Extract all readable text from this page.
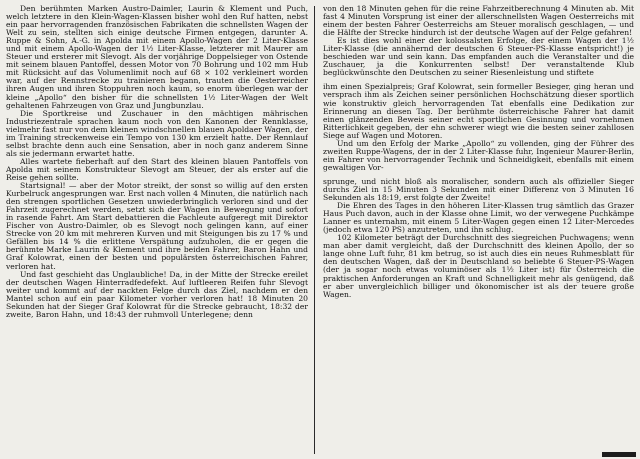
Den berühmten Marken Austro-Daimler, Laurin & Klement und Puch, welch letztere in den Klein-Wagen-Klassen bisher wohl den Ruf hatten, nebst ein paar hervorragenden französischen Fabrikaten die schnellsten Wagen der Welt zu sein, stellten sich einige deutsche Firmen entgegen, darunter A. Ruppe & Sohn, A.-G. in Apolda mit einem Apollo-Wagen der 2 Liter-Klasse und mit einem Apollo-Wagen der 1½ Liter-Klasse, letzterer mit Maurer am Steuer und ersterer mit Slevogt. Als der vorjährige Doppelsieger von Ostende mit seinem blauen Pantoffel, dessen Motor von 70 Bohrung und 102 mm Hub mit Rücksicht auf das Volumenlimit noch auf 68 × 102 verkleinert worden war, auf der Rennstrecke zu trainieren begann, trauten die Oesterreicher ihren Augen und ihren Stoppuhren noch kaum, so enorm überlegen war der kleine „Apollo“ den bisher für die schnellsten 1½ Liter-Wagen der Welt gehaltenen Fahrzeugen von Graz und Jungbunzlau.

Die Sportkreise und Zuschauer in den mächtigen mährischen Industriezentrale sprachen kaum noch von den Kanonen der Rennklasse, vielmehr fast nur von dem kleinen windschnellen blauen Apoldaer Wagen, der im Training streckenweise ein Tempo von 130 km erzielt hatte. Der Rennlauf selbst brachte denn auch eine Sensation, aber in noch ganz anderem Sinne als sie jedermann erwartet hatte.

Alles wartete fieberhaft auf den Start des kleinen blauen Pantoffels von Apolda mit seinem Konstrukteur Slevogt am Steuer, der als erster auf die Reise gehen sollte.

Startsignal! — aber der Motor streikt, der sonst so willig auf den ersten Kurbelruck angesprungen war. Erst nach vollen 4 Minuten, die natürlich nach den strengen sportlichen Gesetzen unwiederbringlich verloren sind und der Fahrzeit zugerechnet werden, setzt sich der Wagen in Bewegung und sofort in rasende Fahrt. Am Start debattieren die Fachleute aufgeregt mit Direktor Fischer von Austro-Daimler, ob es Slevogt noch gelingen kann, auf einer Strecke von 20 km mit mehreren Kurven und mit Steigungen bis zu 17 % und Gefällen bis 14 % die erlittene Verspätung aufzuholen, die er gegen die berühmte Marke Laurin & Klement und ihre beiden Fahrer, Baron Hahn und Graf Kolowrat, einen der besten und populärsten österreichischen Fahrer, verloren hat.

Und fast geschieht das Unglaubliche! Da, in der Mitte der Strecke ereilet der deutschen Wagen Hinterradfedefekt. Auf luftleeren Reifen fuhr Slevogt weiter und kommt auf der nackten Felge durch das Ziel, nachdem er den Mantel schon auf ein paar Kilometer vorher verloren hat! 18 Minuten 20 Sekunden hat der Sieger Graf Kolowrat für die Strecke gebraucht, 18:32 der zweite, Baron Hahn, und 18:43 der ruhmvoll Unterlegene; denn

von den 18 Minuten gehen für die reine Fahrzeitberechnung 4 Minuten ab. Mit fast 4 Minuten Vorsprung ist einer der allerschnellsten Wagen Oesterreichs mit einem der besten Fahrer Oesterreichs am Steuer moralisch geschlagen, — und die Hälfte der Strecke hindurch ist der deutsche Wagen auf der Felge gefahren!

Es ist dies wohl einer der kolossalsten Erfolge, der einem Wagen der 1½ Liter-Klasse (die annähernd der deutschen 6 Steuer-PS-Klasse entspricht!) je beschieden war und sein kann. Das empfanden auch die Veranstalter und die Zuschauer, ja die Konkurrenten selbst! Der veranstaltende Klub beglückwünschte den Deutschen zu seiner Riesenleistung und stiftete

ihm einen Spezialpreis; Graf Kolowrat, sein formeller Besieger, ging heran und versprach ihm als Zeichen seiner persönlichen Hochschätzung dieser sportlich wie konstruktiv gleich hervorragenden Tat ebenfalls eine Dedikation zur Erinnerung an diesen Tag. Der berühmte österreichische Fahrer hat damit einen glänzenden Beweis seiner echt sportlichen Gesinnung und vornehmen Ritterlichkeit gegeben, der ehn schwerer wiegt wie die besten seiner zahllosen Siege auf Wagen und Motoren.

Und um den Erfolg der Marke „Apollo“ zu vollenden, ging der Führer des zweiten Ruppe-Wagens, der in der 2 Liter-Klasse fuhr, Ingenieur Maurer-Berlin, ein Fahrer von hervorragender Technik und Schneidigkeit, ebenfalls mit einem gewaltigen Vor-

sprunge, und nicht bloß als moralischer, sondern auch als offizieller Sieger durchs Ziel in 15 Minuten 3 Sekunden mit einer Differenz von 3 Minuten 16 Sekunden als 18:19, erst folgte der Zweite!

Die Ehren des Tages in den höheren Liter-Klassen trug sämtlich das Grazer Haus Puch davon, auch in der Klasse ohne Limit, wo der verwegene Puchkämpe Lanner es unternahm, mit einem 5 Liter-Wagen gegen einen 12 Liter-Mercedes (jedoch etwa 120 PS) anzutreten, und ihn schlug.

102 Kilometer beträgt der Durchschnitt des siegreichen Puchwagens; wenn man aber damit vergleicht, daß der Durchschnitt des kleinen Apollo, der so lange ohne Luft fuhr, 81 km betrug, so ist auch dies ein neues Ruhmesblatt für den deutschen Wagen, daß der in Deutschland so beliebte 6 Steuer-PS-Wagen (der ja sogar noch etwas voluminöser als 1½ Liter ist) für Österreich die praktischen Anforderungen an Kraft und Schnelligkeit mehr als genügend, daß er aber unvergleichlich billiger und ökonomischer ist als der teuere große Wagen.
